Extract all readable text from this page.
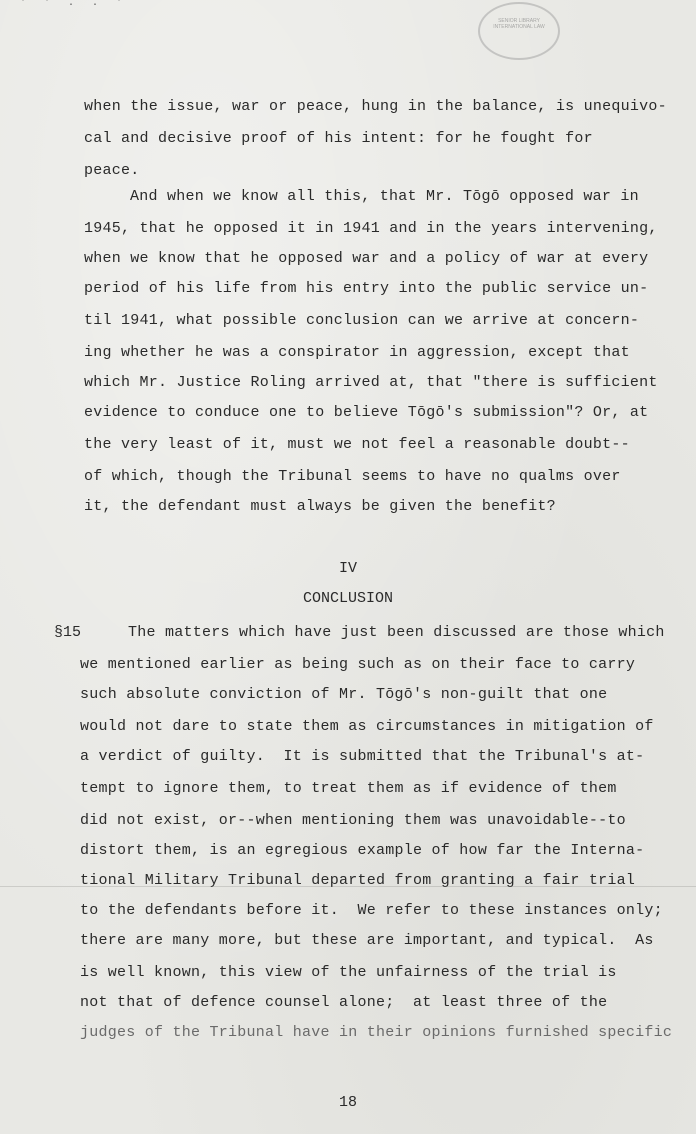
SENIOR LIBRARY INTERNATIONAL LAW
˙ ˙ · · ˙
when the issue, war or peace, hung in the balance, is unequivo-
cal and decisive proof of his intent: for he fought for
peace.
And when we know all this, that Mr. Tōgō opposed war in
1945, that he opposed it in 1941 and in the years intervening,
when we know that he opposed war and a policy of war at every
period of his life from his entry into the public service un-
til 1941, what possible conclusion can we arrive at concern-
ing whether he was a conspirator in aggression, except that
which Mr. Justice Roling arrived at, that "there is sufficient
evidence to conduce one to believe Tōgō's submission"? Or, at
the very least of it, must we not feel a reasonable doubt--
of which, though the Tribunal seems to have no qualms over
it, the defendant must always be given the benefit?
IV
CONCLUSION
§15	The matters which have just been discussed are those which
we mentioned earlier as being such as on their face to carry
such absolute conviction of Mr. Tōgō's non-guilt that one
would not dare to state them as circumstances in mitigation of
a verdict of guilty.  It is submitted that the Tribunal's at-
tempt to ignore them, to treat them as if evidence of them
did not exist, or--when mentioning them was unavoidable--to
distort them, is an egregious example of how far the Interna-
tional Military Tribunal departed from granting a fair trial
to the defendants before it.  We refer to these instances only;
there are many more, but these are important, and typical.  As
is well known, this view of the unfairness of the trial is
not that of defence counsel alone;  at least three of the
judges of the Tribunal have in their opinions furnished specific
18
